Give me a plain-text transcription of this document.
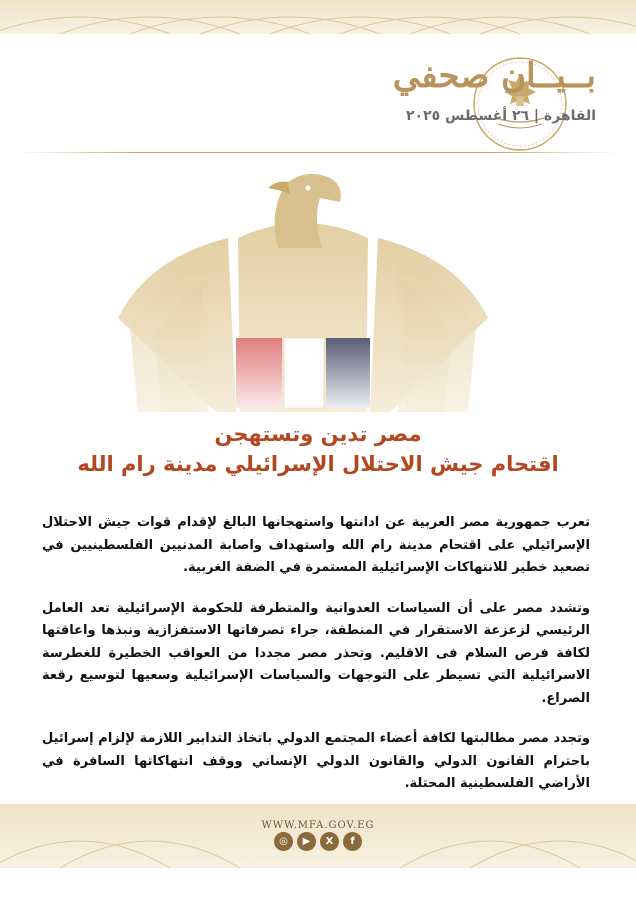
بــيــان صحفي
القاهرة | ٢٦ أغسطس ٢٠٢٥
مصر تدين وتستهجن
اقتحام جيش الاحتلال الإسرائيلي مدينة رام الله

تعرب جمهورية مصر العربية عن ادانتها واستهجانها البالغ لإقدام قوات جيش الاحتلال الإسرائيلي على اقتحام مدينة رام الله واستهداف واصابة المدنيين الفلسطينيين في تصعيد خطير للانتهاكات الإسرائيلية المستمرة في الضفة الغربية.

وتشدد مصر على أن السياسات العدوانية والمتطرفة للحكومة الإسرائيلية تعد العامل الرئيسي لزعزعة الاستقرار في المنطقة، جراء تصرفاتها الاستفزازية ونبذها واعاقتها لكافة فرص السلام فى الاقليم. وتحذر مصر مجددا من العواقب الخطيرة للغطرسة الاسرائيلية التي تسيطر على التوجهات والسياسات الإسرائيلية وسعيها لتوسيع رقعة الصراع.

وتجدد مصر مطالبتها لكافة أعضاء المجتمع الدولي باتخاذ التدابير اللازمة لإلزام إسرائيل باحترام القانون الدولي والقانون الدولي الإنساني ووقف انتهاكاتها السافرة في الأراضي الفلسطينية المحتلة.

WWW.MFA.GOV.EG
◎	▶	X	f
